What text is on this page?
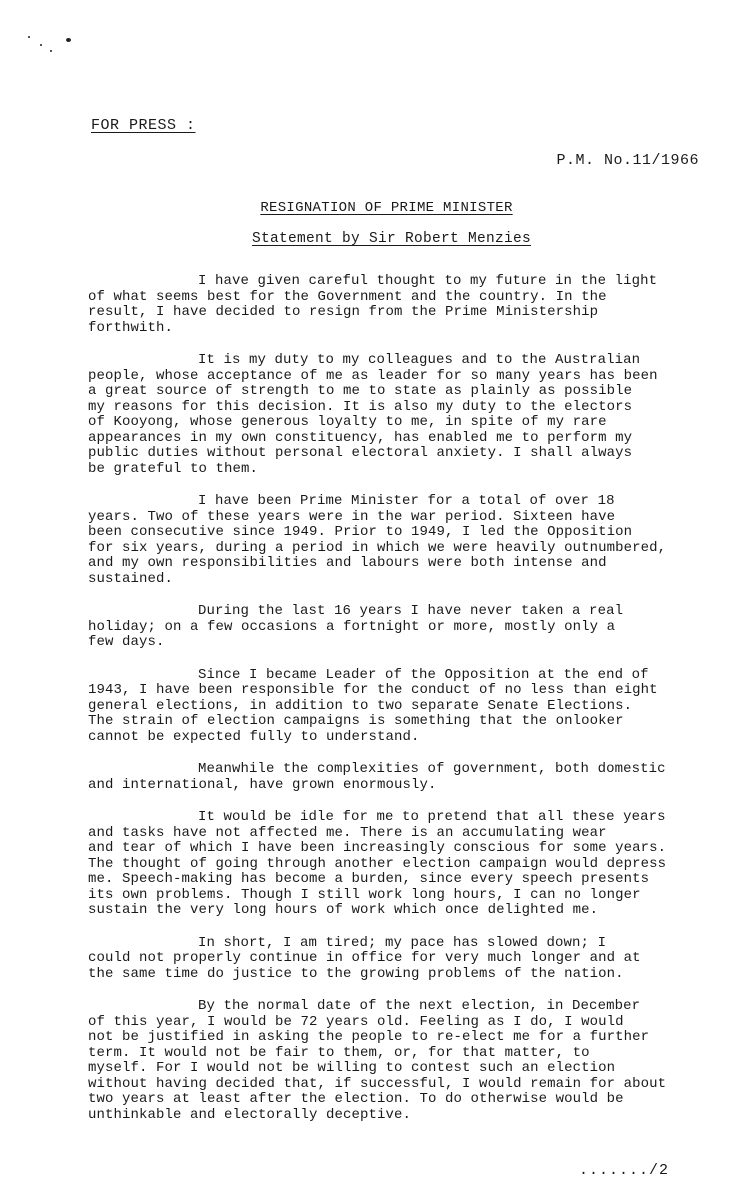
FOR PRESS :
P.M. No.11/1966
RESIGNATION OF PRIME MINISTER
Statement by Sir Robert Menzies
I have given careful thought to my future in the light
of what seems best for the Government and the country. In the
result, I have decided to resign from the Prime Ministership
forthwith.
It is my duty to my colleagues and to the Australian
people, whose acceptance of me as leader for so many years has been
a great source of strength to me to state as plainly as possible
my reasons for this decision. It is also my duty to the electors
of Kooyong, whose generous loyalty to me, in spite of my rare
appearances in my own constituency, has enabled me to perform my
public duties without personal electoral anxiety. I shall always
be grateful to them.
I have been Prime Minister for a total of over 18
years. Two of these years were in the war period. Sixteen have
been consecutive since 1949. Prior to 1949, I led the Opposition
for six years, during a period in which we were heavily outnumbered,
and my own responsibilities and labours were both intense and
sustained.
During the last 16 years I have never taken a real
holiday; on a few occasions a fortnight or more, mostly only a
few days.
Since I became Leader of the Opposition at the end of
1943, I have been responsible for the conduct of no less than eight
general elections, in addition to two separate Senate Elections.
The strain of election campaigns is something that the onlooker
cannot be expected fully to understand.
Meanwhile the complexities of government, both domestic
and international, have grown enormously.
It would be idle for me to pretend that all these years
and tasks have not affected me. There is an accumulating wear
and tear of which I have been increasingly conscious for some years.
The thought of going through another election campaign would depress
me. Speech-making has become a burden, since every speech presents
its own problems. Though I still work long hours, I can no longer
sustain the very long hours of work which once delighted me.
In short, I am tired; my pace has slowed down; I
could not properly continue in office for very much longer and at
the same time do justice to the growing problems of the nation.
By the normal date of the next election, in December
of this year, I would be 72 years old. Feeling as I do, I would
not be justified in asking the people to re-elect me for a further
term. It would not be fair to them, or, for that matter, to
myself. For I would not be willing to contest such an election
without having decided that, if successful, I would remain for about
two years at least after the election. To do otherwise would be
unthinkable and electorally deceptive.
......./2
